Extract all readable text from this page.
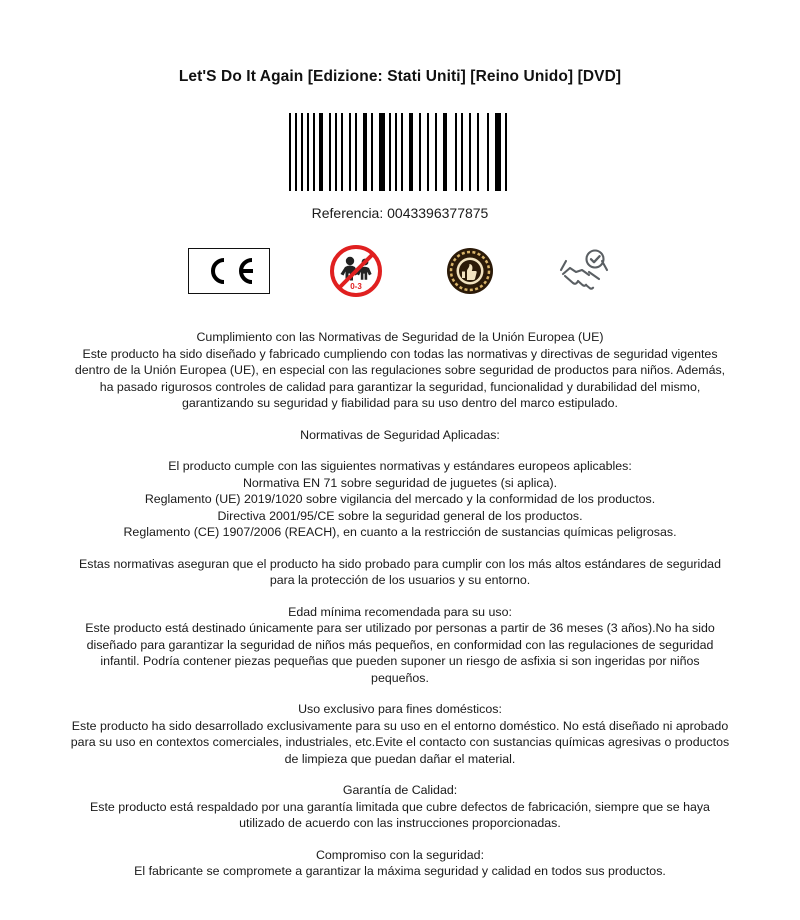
Let'S Do It Again [Edizione: Stati Uniti] [Reino Unido] [DVD]
Referencia: 0043396377875
0-3

Cumplimiento con las Normativas de Seguridad de la Unión Europea (UE)

Este producto ha sido diseñado y fabricado cumpliendo con todas las normativas y directivas de seguridad vigentes dentro de la Unión Europea (UE), en especial con las regulaciones sobre seguridad de productos para niños. Además, ha pasado rigurosos controles de calidad para garantizar la seguridad, funcionalidad y durabilidad del mismo, garantizando su seguridad y fiabilidad para su uso dentro del marco estipulado.

Normativas de Seguridad Aplicadas:

El producto cumple con las siguientes normativas y estándares europeos aplicables:

Normativa EN 71 sobre seguridad de juguetes (si aplica).

Reglamento (UE) 2019/1020 sobre vigilancia del mercado y la conformidad de los productos.

Directiva 2001/95/CE sobre la seguridad general de los productos.

Reglamento (CE) 1907/2006 (REACH), en cuanto a la restricción de sustancias químicas peligrosas.

Estas normativas aseguran que el producto ha sido probado para cumplir con los más altos estándares de seguridad para la protección de los usuarios y su entorno.

Edad mínima recomendada para su uso:

Este producto está destinado únicamente para ser utilizado por personas a partir de 36 meses (3 años).No ha sido diseñado para garantizar la seguridad de niños más pequeños, en conformidad con las regulaciones de seguridad infantil. Podría contener piezas pequeñas que pueden suponer un riesgo de asfixia si son ingeridas por niños pequeños.

Uso exclusivo para fines domésticos:

Este producto ha sido desarrollado exclusivamente para su uso en el entorno doméstico. No está diseñado ni aprobado para su uso en contextos comerciales, industriales, etc.Evite el contacto con sustancias químicas agresivas o productos de limpieza que puedan dañar el material.

Garantía de Calidad:

Este producto está respaldado por una garantía limitada que cubre defectos de fabricación, siempre que se haya utilizado de acuerdo con las instrucciones proporcionadas.

Compromiso con la seguridad:

El fabricante se compromete a garantizar la máxima seguridad y calidad en todos sus productos.
